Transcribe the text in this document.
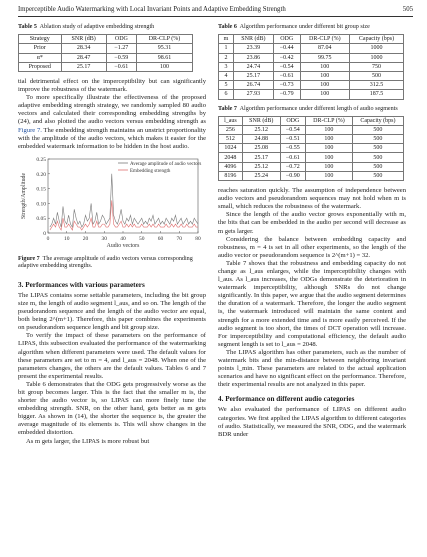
Imperceptible Audio Watermarking with Local Invariant Points and Adaptive Embedding Strength	505
Table 5 Ablation study of adaptive embedding strength
Strategy	SNR (dB)	ODG	DR-CLP (%)
Prior	28.34	−1.27	95.31
α*	28.47	−0.59	98.61
Proposed	25.17	−0.61	100

tial detrimental effect on the imperceptibility but can significantly improve the robustness of the watermark.

To more specifically illustrate the effectiveness of the proposed adaptive embedding strength strategy, we randomly sampled 80 audio vectors and calculated their corresponding embedding strengths by (24), and also plotted the audio vectors versus embedding strength as Figure 7. The embedding strength maintains an unstrict proportionality with the amplitude of the audio vectors, which makes it easier for the embedded watermark information to be hidden in the host audio.

0	10 20 30 40 50 60 70 80
0
0.05
0.10
0.15
0.20
0.25
Audio vectors
Strength/Amplitude
Average amplitude of audio vectors
Embedding strength
Figure 7 The average amplitude of audio vectors versus corresponding adaptive embedding strengths.
3. Performances with various parameters

The LIPAS contains some settable parameters, including the bit group size m, the length of audio segment l_aus, and so on. The length of the pseudorandom sequence and the length of the audio vector are equal, both being 2^(m+1). Therefore, this paper combines the experiments on pseudorandom sequence length and bit group size.

To verify the impact of these parameters on the performance of LIPAS, this subsection evaluated the performance of the watermarking algorithm when different parameters were used. The default values for these parameters are set to m = 4, and l_aus = 2048. When one of the parameters changes, the others are the default values. Tables 6 and 7 present the experimental results.

Table 6 demonstrates that the ODG gets progressively worse as the bit group becomes larger. This is the fact that the smaller m is, the shorter the audio vector is, so LIPAS can more finely tune the embedding strength. SNR, on the other hand, gets better as m gets bigger. As shown in (14), the shorter the sequence is, the greater the average magnitude of its elements is. This will show changes in the embedded distortion.

As m gets larger, the LIPAS is more robust but

Table 6 Algorithm performance under different bit group size
m	SNR (dB)	ODG	DR-CLP (%)	Capacity (bps)
1	23.39	−0.44	87.04	1000
2	23.86	−0.42	99.75	1000
3	24.74	−0.54	100	750
4	25.17	−0.61	100	500
5	26.74	−0.73	100	312.5
6	27.93	−0.79	100	187.5
Table 7 Algorithm performance under different length of audio segments
l_aus	SNR (dB)	ODG	DR-CLP (%)	Capacity (bps)
256	25.12	−0.54	100	500
512	24.88	−0.51	100	500
1024	25.08	−0.55	100	500
2048	25.17	−0.61	100	500
4096	25.12	−0.72	100	500
8196	25.24	−0.90	100	500

reaches saturation quickly. The assumption of independence between audio vectors and pseudorandom sequences may not hold when m is small, which reduces the robustness of the watermark.

Since the length of the audio vector grows exponentially with m, the bits that can be embedded in the audio per second will decrease as m gets larger.

Considering the balance between embedding capacity and robustness, m = 4 is set in all other experiments, so the length of the audio vector or pseudorandom sequence is 2^(m+1) = 32.

Table 7 shows that the robustness and embedding capacity do not change as l_aus enlarges, while the imperceptibility changes with l_aus. As l_aus increases, the ODGs demonstrate the deterioration in watermark imperceptibility, although SNRs do not change significantly. In this paper, we argue that the audio segment determines the duration of a watermark. Therefore, the longer the audio segment is, the watermark introduced will maintain the same content and strength for a more extended time and is more easily perceived. If the audio segment is too short, the times of DCT operation will increase. For imperceptibility and computational efficiency, the default audio segment length is set to l_aus = 2048.

The LIPAS algorithm has other parameters, such as the number of watermark bits and the min-distance between neighboring invariant points l_min. These parameters are related to the actual application scenarios and have no significant effect on the performance. Therefore, their experimental results are not analyzed in this paper.

4. Performance on different audio categories

We also evaluated the performance of LIPAS on different audio categories. We first applied the LIPAS algorithm to different categories of audio. Statistically, we measured the SNR, ODG, and the watermark BDR under
